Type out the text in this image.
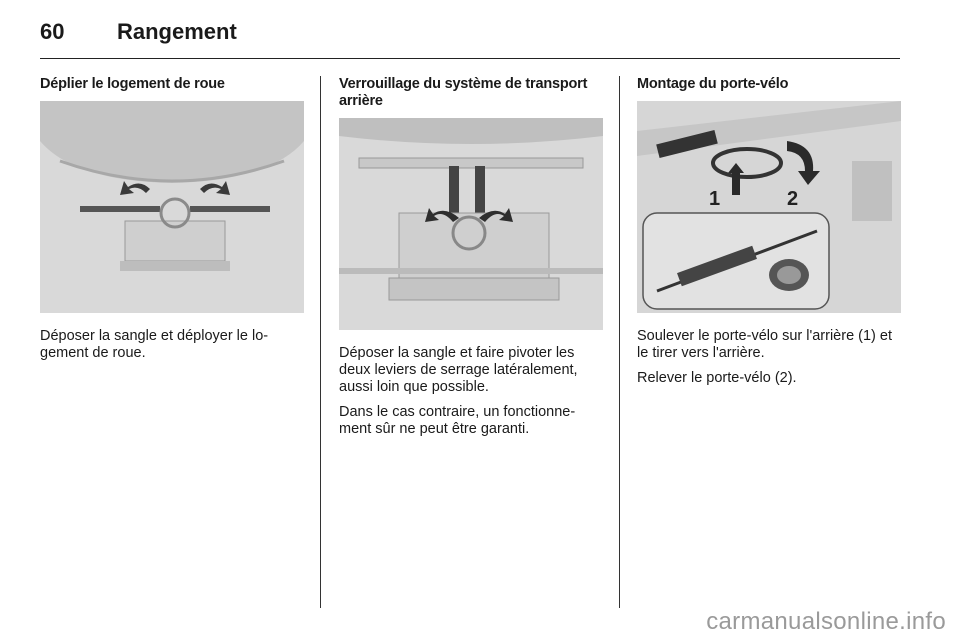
60	Rangement
Déplier le logement de roue

Déposer la sangle et déployer le lo-gement de roue.

Verrouillage du système de transport arrière

Déposer la sangle et faire pivoter les deux leviers de serrage latéralement, aussi loin que possible.

Dans le cas contraire, un fonctionne-ment sûr ne peut être garanti.

Montage du porte-vélo
1	2

Soulever le porte-vélo sur l'arrière (1) et le tirer vers l'arrière.

Relever le porte-vélo (2).

carmanualsonline.info
